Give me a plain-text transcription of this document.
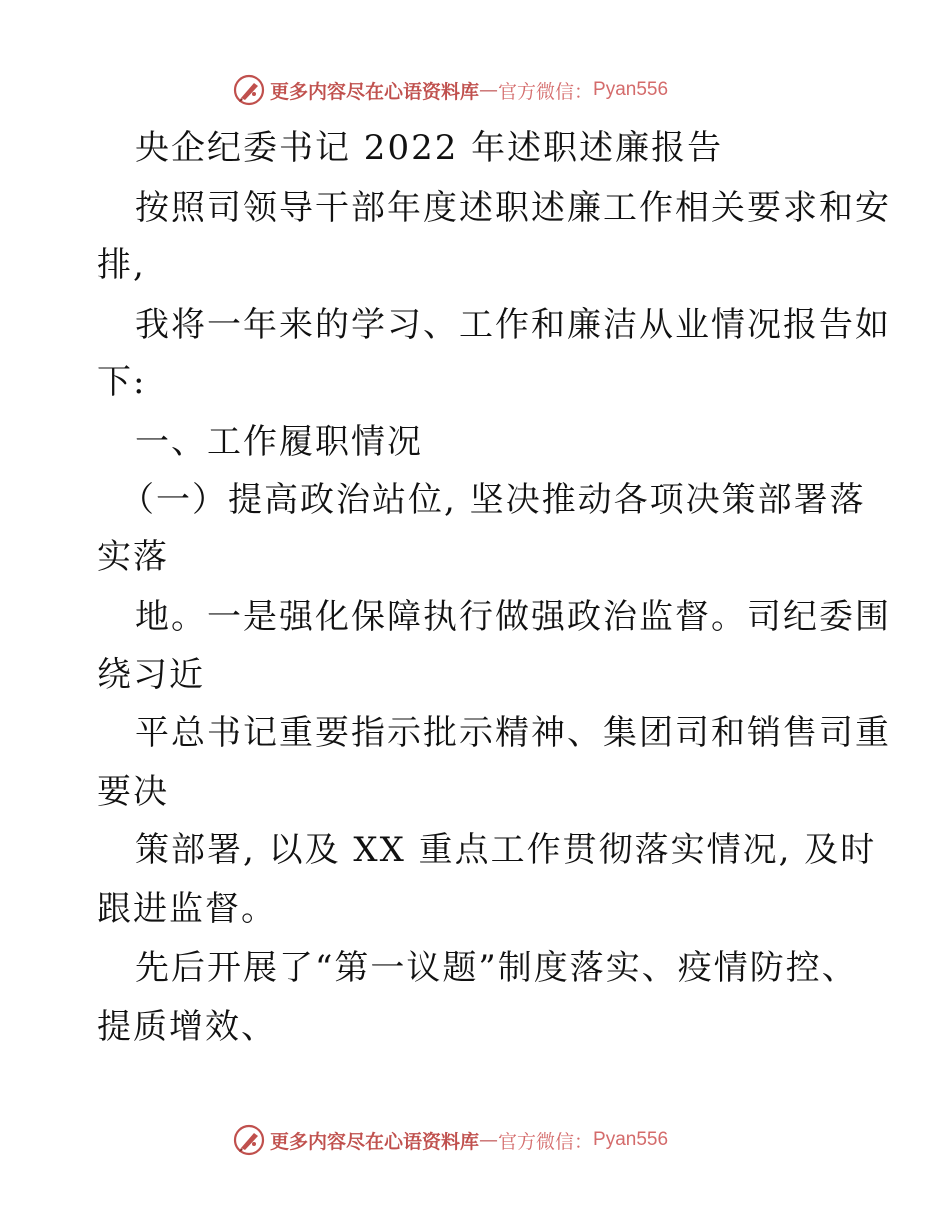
更多内容尽在心语资料库 — 官方微信： Pyan556
央企纪委书记 2022 年述职述廉报告
按照司领导干部年度述职述廉工作相关要求和安
排,
我将一年来的学习、工作和廉洁从业情况报告如
下:
一、工作履职情况
（一）提高政治站位, 坚决推动各项决策部署落
实落
地。一是强化保障执行做强政治监督。司纪委围
绕习近
平总书记重要指示批示精神、集团司和销售司重
要决
策部署, 以及 XX 重点工作贯彻落实情况, 及时
跟进监督。
先后开展了“第一议题”制度落实、疫情防控、
提质增效、
更多内容尽在心语资料库 — 官方微信： Pyan556
